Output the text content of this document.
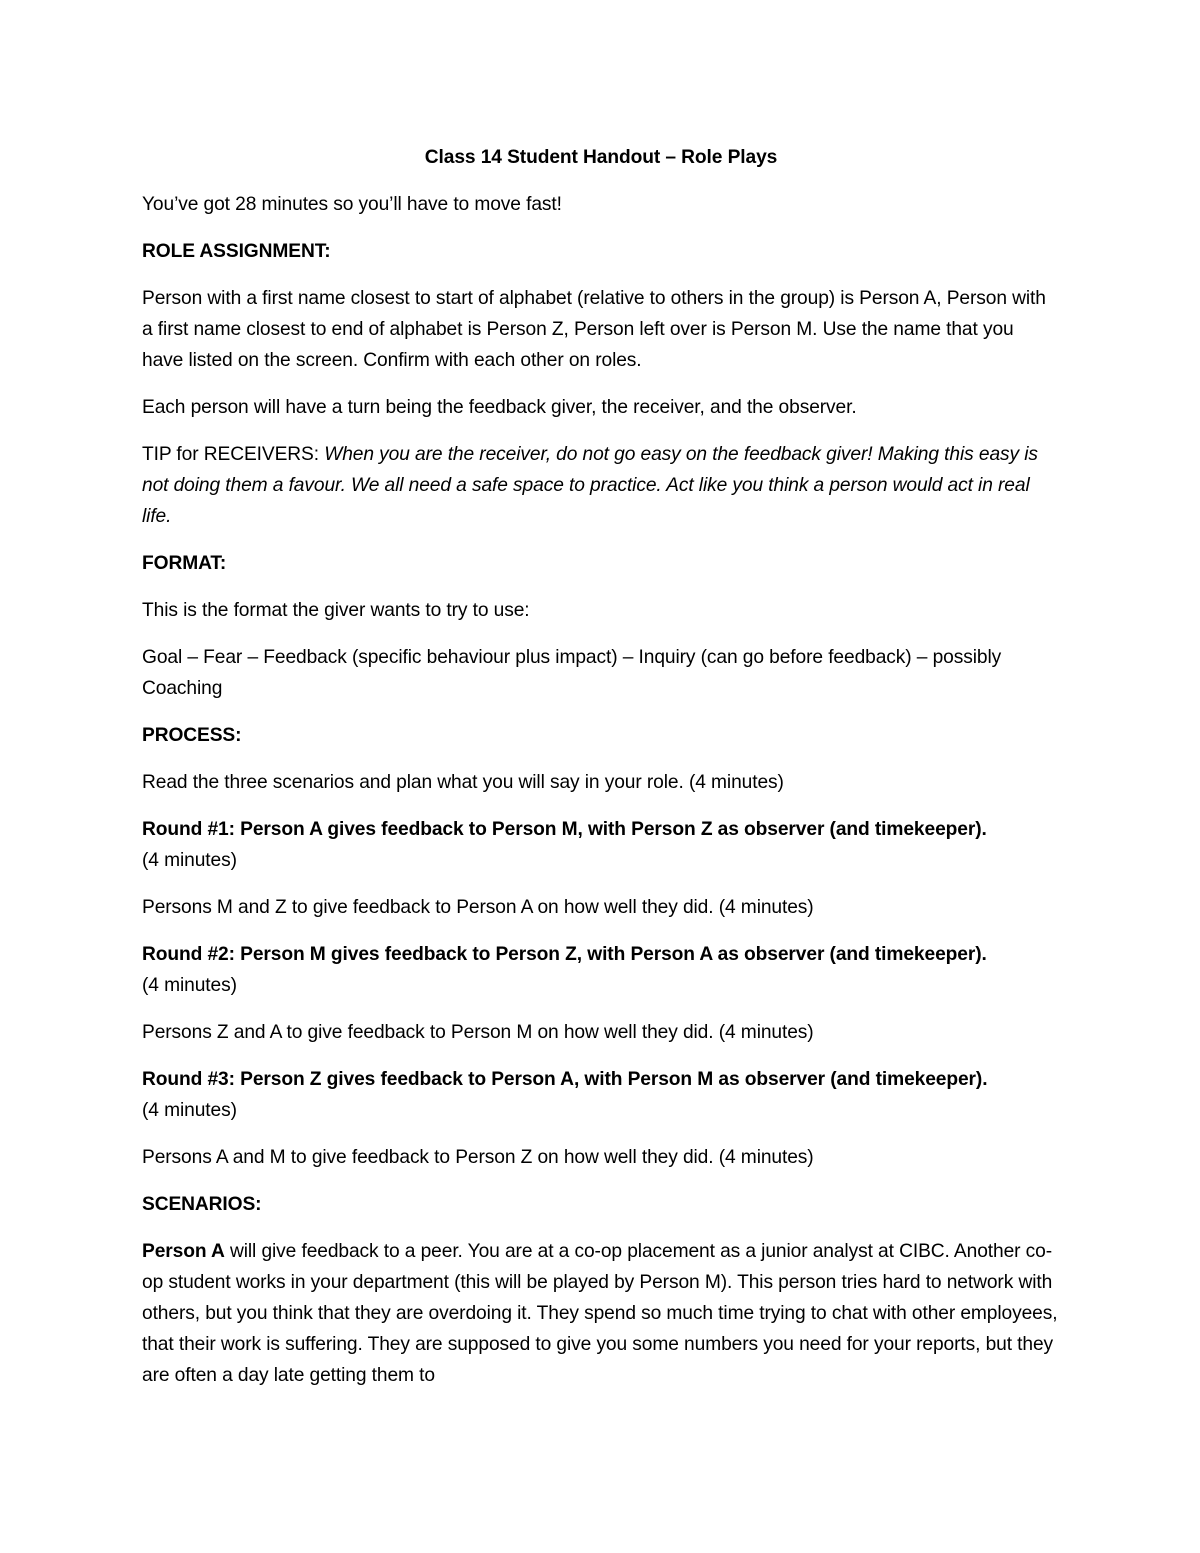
Class 14 Student Handout – Role Plays

You’ve got 28 minutes so you’ll have to move fast!

ROLE ASSIGNMENT:

Person with a first name closest to start of alphabet (relative to others in the group) is Person A, Person with a first name closest to end of alphabet is Person Z, Person left over is Person M. Use the name that you have listed on the screen. Confirm with each other on roles.

Each person will have a turn being the feedback giver, the receiver, and the observer.

TIP for RECEIVERS: When you are the receiver, do not go easy on the feedback giver! Making this easy is not doing them a favour. We all need a safe space to practice. Act like you think a person would act in real life.

FORMAT:

This is the format the giver wants to try to use:

Goal – Fear – Feedback (specific behaviour plus impact) – Inquiry (can go before feedback) – possibly Coaching

PROCESS:

Read the three scenarios and plan what you will say in your role. (4 minutes)

Round #1: Person A gives feedback to Person M, with Person Z as observer (and timekeeper).
(4 minutes)

Persons M and Z to give feedback to Person A on how well they did. (4 minutes)

Round #2: Person M gives feedback to Person Z, with Person A as observer (and timekeeper).
(4 minutes)

Persons Z and A to give feedback to Person M on how well they did. (4 minutes)

Round #3: Person Z gives feedback to Person A, with Person M as observer (and timekeeper).
(4 minutes)

Persons A and M to give feedback to Person Z on how well they did. (4 minutes)

SCENARIOS:

Person A will give feedback to a peer. You are at a co-op placement as a junior analyst at CIBC. Another co-op student works in your department (this will be played by Person M). This person tries hard to network with others, but you think that they are overdoing it. They spend so much time trying to chat with other employees, that their work is suffering. They are supposed to give you some numbers you need for your reports, but they are often a day late getting them to
